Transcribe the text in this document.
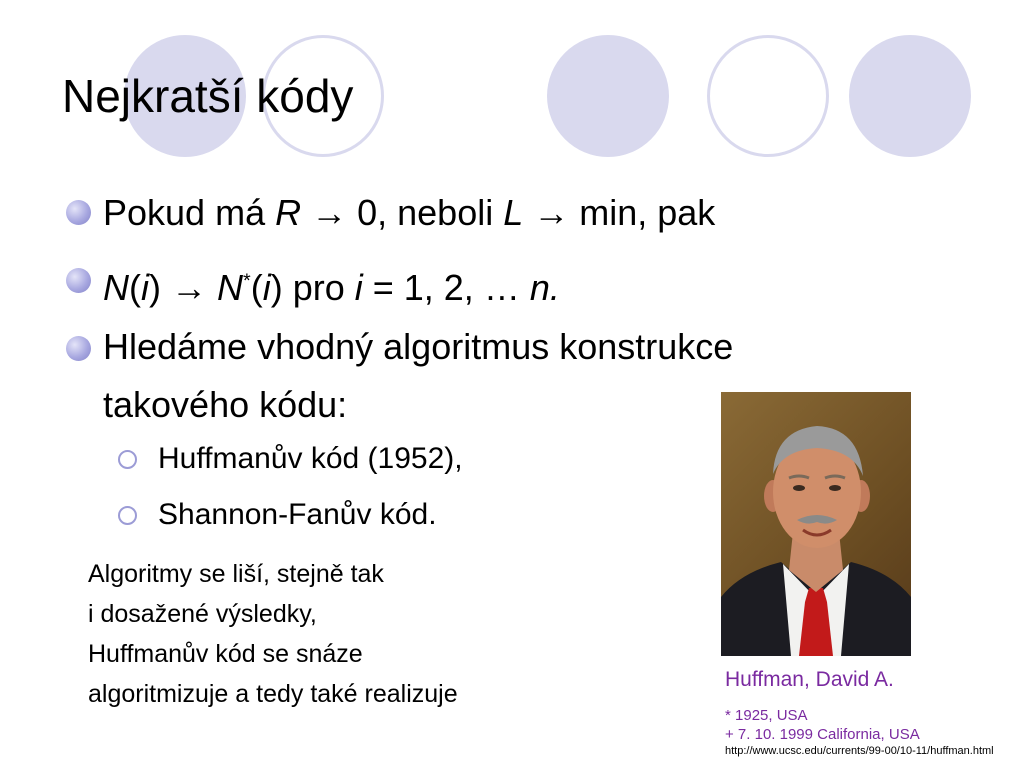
Nejkratší kódy
Pokud má R → 0, neboli L → min, pak
N(i) → N*(i) pro i = 1, 2, … n.
Hledáme vhodný algoritmus konstrukce
takového kódu:
Huffmanův kód (1952),
Shannon-Fanův kód.
Algoritmy se liší, stejně tak
i dosažené výsledky,
Huffmanův kód se snáze
algoritmizuje a tedy také realizuje
Huffman, David A.
* 1925, USA
+ 7. 10. 1999 California, USA
http://www.ucsc.edu/currents/99-00/10-11/huffman.html
